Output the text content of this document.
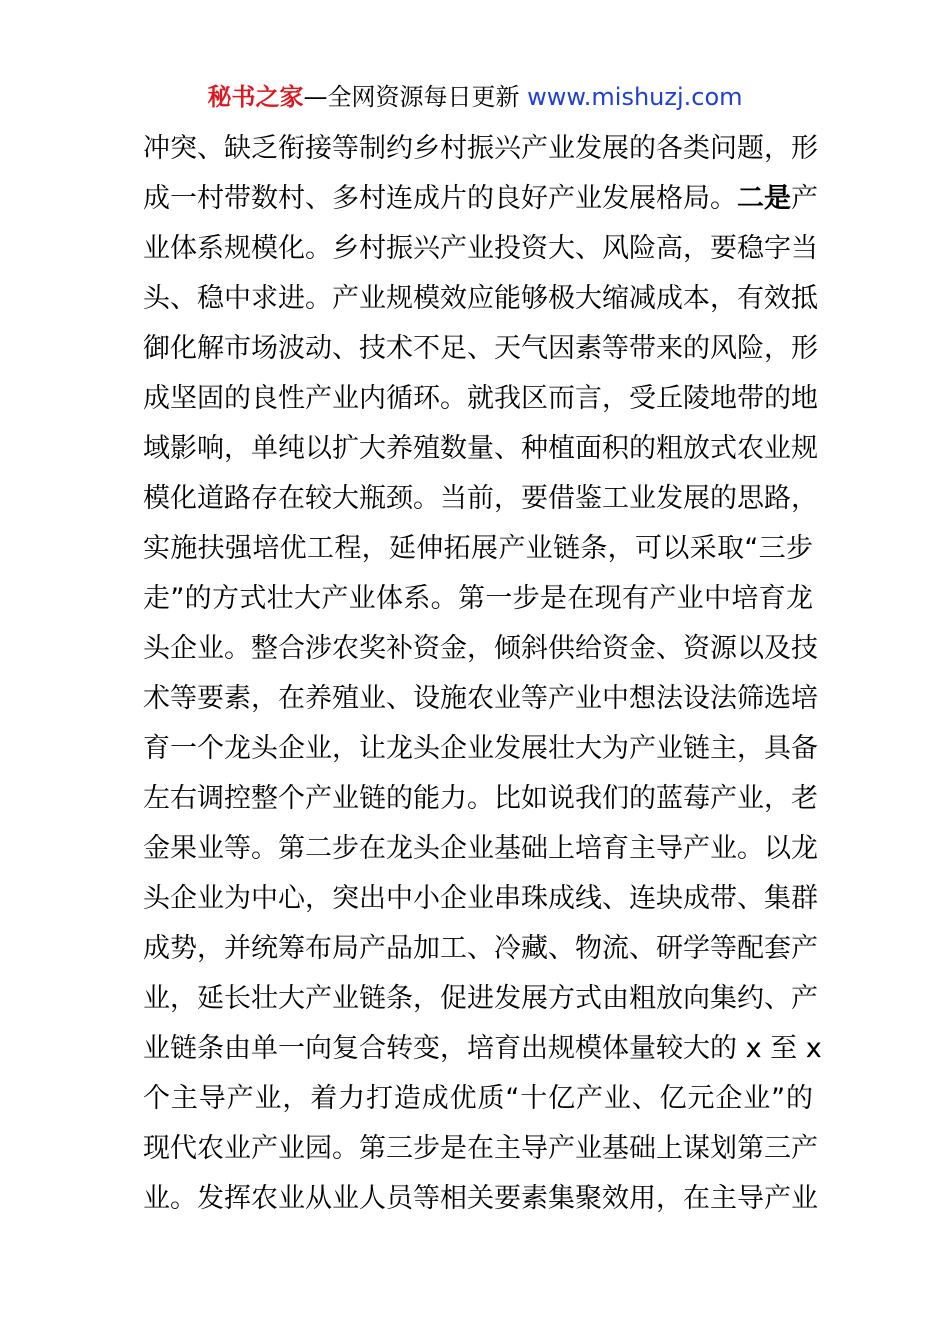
秘书之家—全网资源每日更新 www.mishuzj.com
冲突、缺乏衔接等制约乡村振兴产业发展的各类问题，形
成一村带数村、多村连成片的良好产业发展格局。二是产
业体系规模化。乡村振兴产业投资大、风险高，要稳字当
头、稳中求进。产业规模效应能够极大缩减成本，有效抵
御化解市场波动、技术不足、天气因素等带来的风险，形
成坚固的良性产业内循环。就我区而言，受丘陵地带的地
域影响，单纯以扩大养殖数量、种植面积的粗放式农业规
模化道路存在较大瓶颈。当前，要借鉴工业发展的思路，
实施扶强培优工程，延伸拓展产业链条，可以采取“三步
走”的方式壮大产业体系。第一步是在现有产业中培育龙
头企业。整合涉农奖补资金，倾斜供给资金、资源以及技
术等要素，在养殖业、设施农业等产业中想法设法筛选培
育一个龙头企业，让龙头企业发展壮大为产业链主，具备
左右调控整个产业链的能力。比如说我们的蓝莓产业，老
金果业等。第二步在龙头企业基础上培育主导产业。以龙
头企业为中心，突出中小企业串珠成线、连块成带、集群
成势，并统筹布局产品加工、冷藏、物流、研学等配套产
业，延长壮大产业链条，促进发展方式由粗放向集约、产
业链条由单一向复合转变，培育出规模体量较大的 x 至 x
个主导产业，着力打造成优质“十亿产业、亿元企业”的
现代农业产业园。第三步是在主导产业基础上谋划第三产
业。发挥农业从业人员等相关要素集聚效用，在主导产业
